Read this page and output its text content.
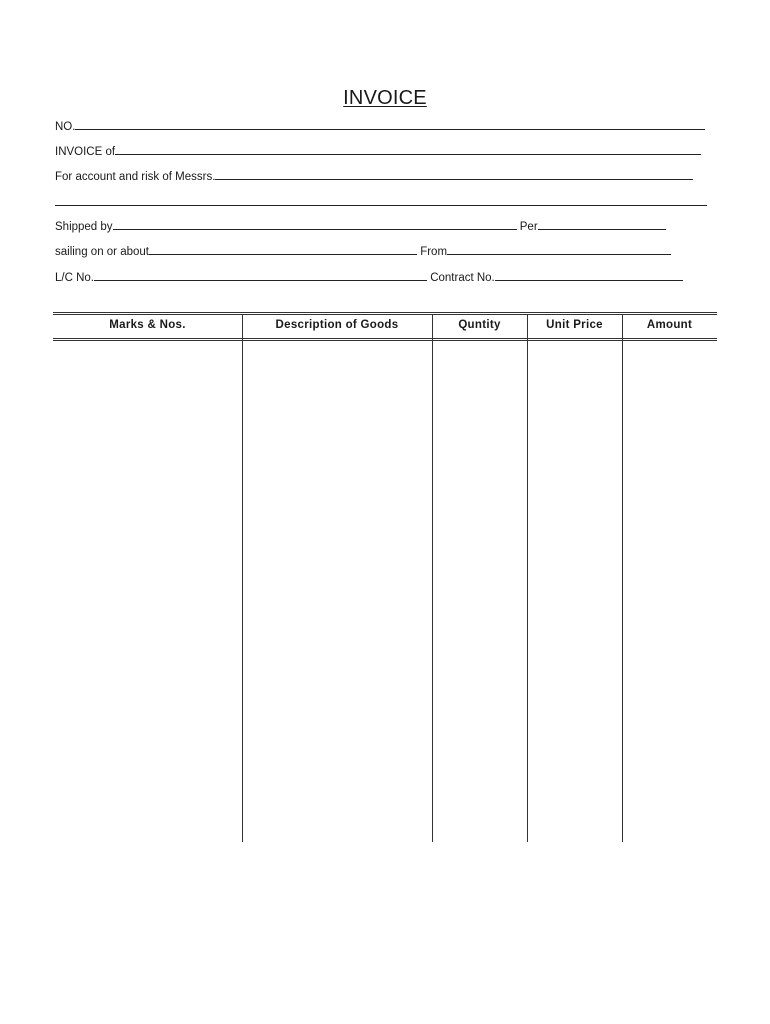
INVOICE
NO.
INVOICE of
For account and risk of Messrs.
Shipped by	Per
sailing on or about	From
L/C No.	Contract No.
Marks & Nos.	Description of Goods	Quntity	Unit Price	Amount
